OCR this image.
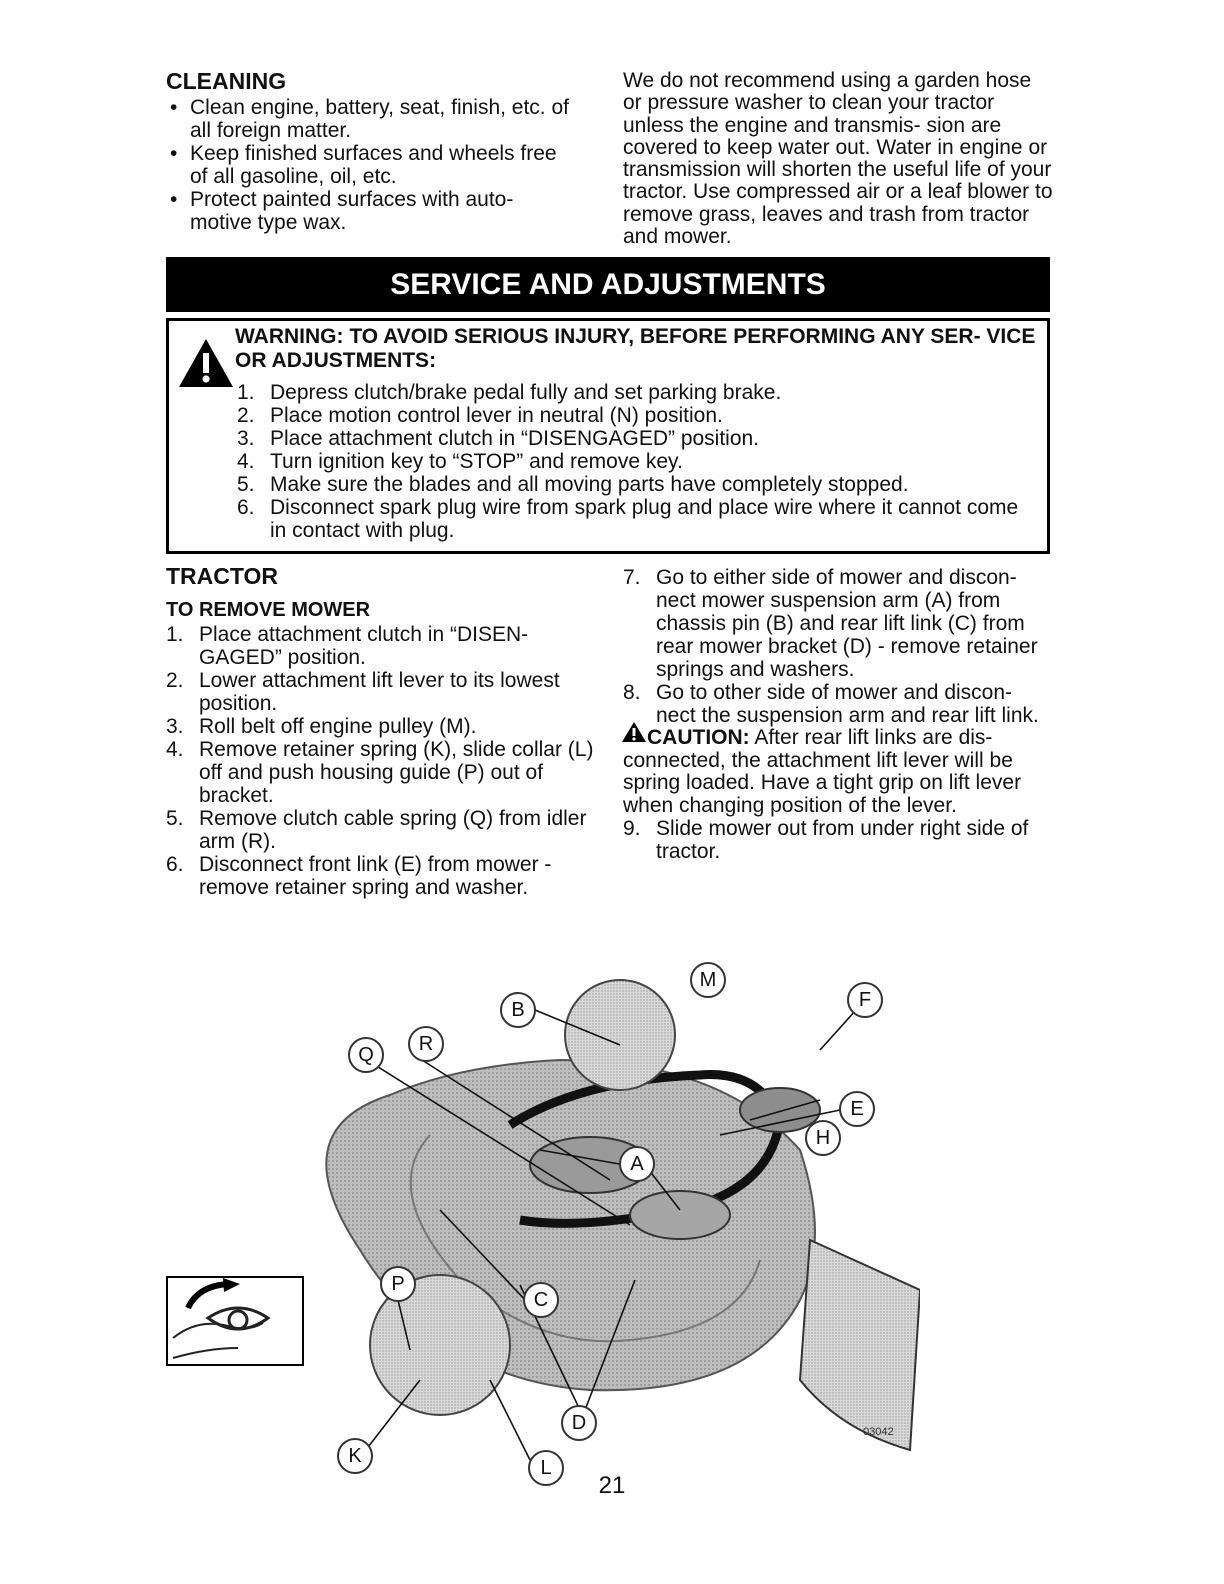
CLEANING
• Clean engine, battery, seat, finish, etc. of all foreign matter.
• Keep finished surfaces and wheels free of all gasoline, oil, etc.
• Protect painted surfaces with auto- motive type wax.
We do not recommend using a garden hose or pressure washer to clean your tractor unless the engine and transmis- sion are covered to keep water out. Water in engine or transmission will shorten the useful life of your tractor. Use compressed air or a leaf blower to remove grass, leaves and trash from tractor and mower.
SERVICE AND ADJUSTMENTS
WARNING: TO AVOID SERIOUS INJURY, BEFORE PERFORMING ANY SER- VICE OR ADJUSTMENTS:
1. Depress clutch/brake pedal fully and set parking brake.
2. Place motion control lever in neutral (N) position.
3. Place attachment clutch in “DISENGAGED” position.
4. Turn ignition key to “STOP” and remove key.
5. Make sure the blades and all moving parts have completely stopped.
6. Disconnect spark plug wire from spark plug and place wire where it cannot come in contact with plug.
TRACTOR
TO REMOVE MOWER
1. Place attachment clutch in “DISEN- GAGED” position.
2. Lower attachment lift lever to its lowest position.
3. Roll belt off engine pulley (M).
4. Remove retainer spring (K), slide collar (L) off and push housing guide (P) out of bracket.
5. Remove clutch cable spring (Q) from idler arm (R).
6. Disconnect front link (E) from mower - remove retainer spring and washer.
7. Go to either side of mower and discon- nect mower suspension arm (A) from chassis pin (B) and rear lift link (C) from rear mower bracket (D) - remove retainer springs and washers.
8. Go to other side of mower and discon- nect the suspension arm and rear lift link.
CAUTION: After rear lift links are dis- connected, the attachment lift lever will be spring loaded. Have a tight grip on lift lever when changing position of the lever.
9. Slide mower out from under right side of tractor.
M
B	F
Q	R
A
E
H
P
C
D
K
L
03042
21
